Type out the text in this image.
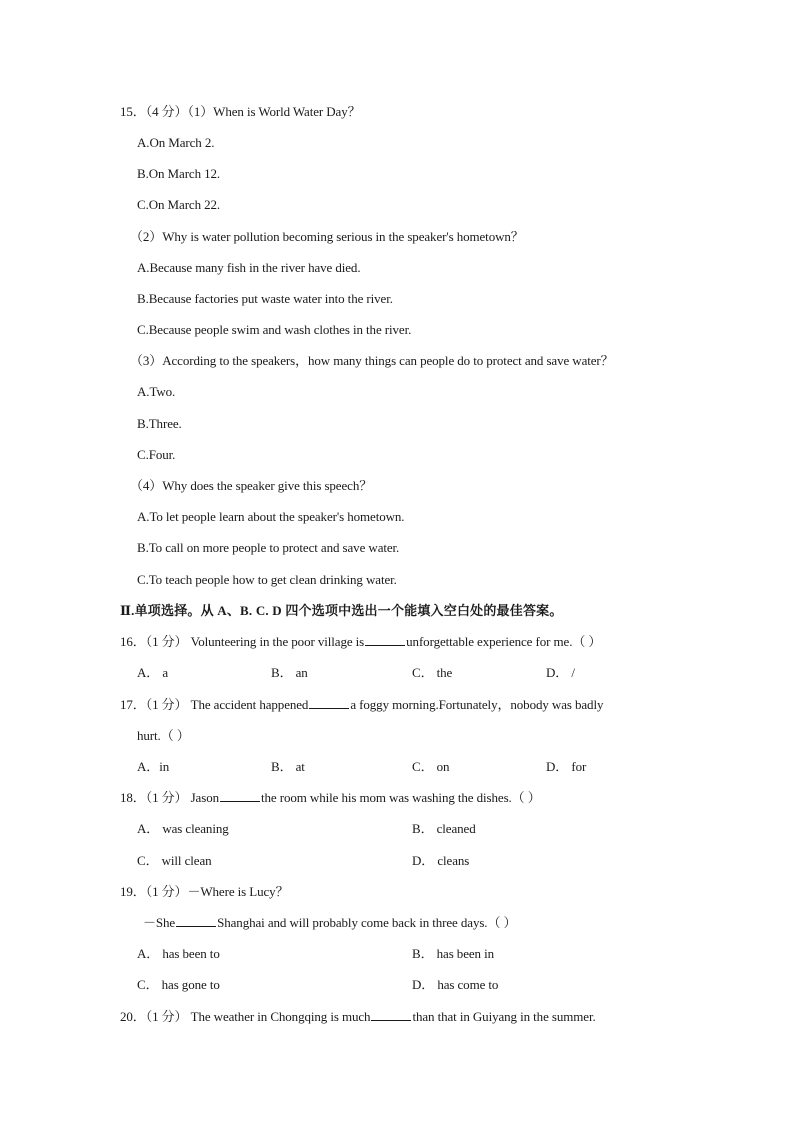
15．（4 分）（1）When is World Water Day？
A.On March 2.
B.On March 12.
C.On March 22.
（2）Why is water pollution becoming serious in the speaker's hometown？
A.Because many fish in the river have died.
B.Because factories put waste water into the river.
C.Because people swim and wash clothes in the river.
（3）According to the speakers，how many things can people do to protect and save water？
A.Two.
B.Three.
C.Four.
（4）Why does the speaker give this speech？
A.To let people learn about the speaker's hometown.
B.To call on more people to protect and save water.
C.To teach people how to get clean drinking water.
Ⅱ.单项选择。从 A、B. C. D 四个选项中选出一个能填入空白处的最佳答案。
16．（1 分） Volunteering in the poor village is	unforgettable experience for me.（ ）
A． a	B． an	C． the	D． /
17．（1 分） The accident happened	a foggy morning.Fortunately，nobody was badly
hurt.（ ）
A．in	B． at	C． on	D． for
18．（1 分） Jason	the room while his mom was washing the dishes.（ ）
A． was cleaning	B． cleaned
C． will clean	D． cleans
19．（1 分）－Where is Lucy？
－She	Shanghai and will probably come back in three days.（ ）
A． has been to	B． has been in
C． has gone to	D． has come to
20．（1 分） The weather in Chongqing is much	than that in Guiyang in the summer.
